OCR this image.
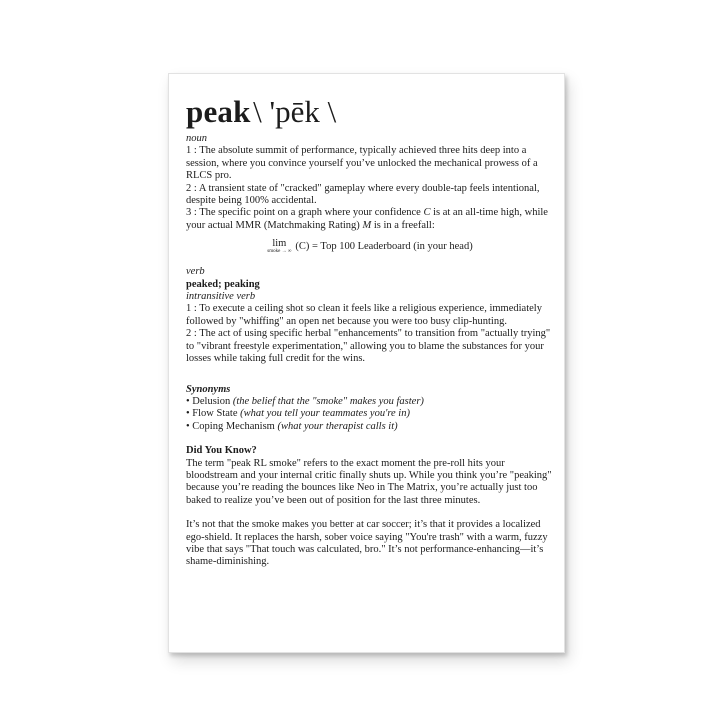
peak \ 'pēk \
noun

1 : The absolute summit of performance, typically achieved three hits deep into a session, where you convince yourself you’ve unlocked the mechanical prowess of a RLCS pro.

2 : A transient state of "cracked" gameplay where every double-tap feels intentional, despite being 100% accidental.

3 : The specific point on a graph where your confidence C is at an all-time high, while your actual MMR (Matchmaking Rating) M is in a freefall:

lim
smoke → ∞ (C) = Top 100 Leaderboard (in your head)
verb
peaked; peaking
intransitive verb

1 : To execute a ceiling shot so clean it feels like a religious experience, immediately followed by "whiffing" an open net because you were too busy clip-hunting.

2 : The act of using specific herbal "enhancements" to transition from "actually trying" to "vibrant freestyle experimentation," allowing you to blame the substances for your losses while taking full credit for the wins.

Synonyms
• Delusion (the belief that the "smoke" makes you faster)
• Flow State (what you tell your teammates you're in)
• Coping Mechanism (what your therapist calls it)
Did You Know?

The term "peak RL smoke" refers to the exact moment the pre-roll hits your bloodstream and your internal critic finally shuts up. While you think you’re "peaking" because you’re reading the bounces like Neo in The Matrix, you’re actually just too baked to realize you’ve been out of position for the last three minutes.

It’s not that the smoke makes you better at car soccer; it’s that it provides a localized ego-shield. It replaces the harsh, sober voice saying "You're trash" with a warm, fuzzy vibe that says "That touch was calculated, bro." It’s not performance-enhancing—it’s shame-diminishing.
